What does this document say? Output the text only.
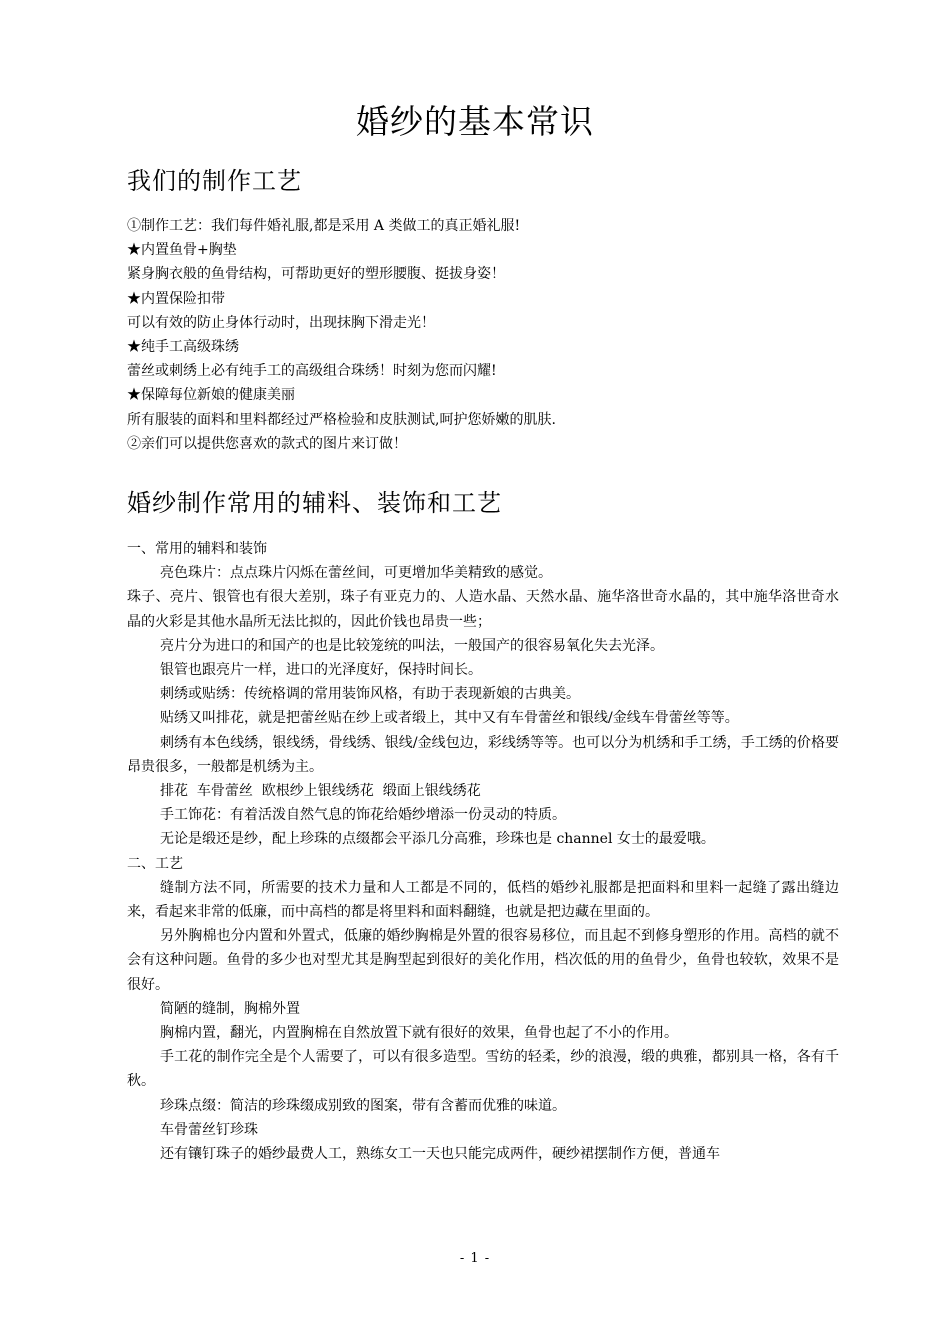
婚纱的基本常识
我们的制作工艺

①制作工艺：我们每件婚礼服,都是采用 A 类做工的真正婚礼服!

★内置鱼骨+胸垫

紧身胸衣般的鱼骨结构，可帮助更好的塑形腰腹、挺拔身姿！

★内置保险扣带

可以有效的防止身体行动时，出现抹胸下滑走光！

★纯手工高级珠绣

蕾丝或刺绣上必有纯手工的高级组合珠绣！时刻为您而闪耀!

★保障每位新娘的健康美丽

所有服装的面料和里料都经过严格检验和皮肤测试,呵护您娇嫩的肌肤.

②亲们可以提供您喜欢的款式的图片来订做！

婚纱制作常用的辅料、装饰和工艺

一、常用的辅料和装饰

亮色珠片：点点珠片闪烁在蕾丝间，可更增加华美精致的感觉。

珠子、亮片、银管也有很大差别，珠子有亚克力的、人造水晶、天然水晶、施华洛世奇水晶的，其中施华洛世奇水晶的火彩是其他水晶所无法比拟的，因此价钱也昂贵一些；

亮片分为进口的和国产的也是比较笼统的叫法，一般国产的很容易氧化失去光泽。

银管也跟亮片一样，进口的光泽度好，保持时间长。

刺绣或贴绣：传统格调的常用装饰风格，有助于表现新娘的古典美。

贴绣又叫排花，就是把蕾丝贴在纱上或者缎上，其中又有车骨蕾丝和银线/金线车骨蕾丝等等。

刺绣有本色线绣，银线绣，骨线绣、银线/金线包边，彩线绣等等。也可以分为机绣和手工绣，手工绣的价格要昂贵很多，一般都是机绣为主。

排花  车骨蕾丝  欧根纱上银线绣花  缎面上银线绣花

手工饰花：有着活泼自然气息的饰花给婚纱增添一份灵动的特质。

无论是缎还是纱，配上珍珠的点缀都会平添几分高雅，珍珠也是 channel 女士的最爱哦。

二、工艺

缝制方法不同，所需要的技术力量和人工都是不同的，低档的婚纱礼服都是把面料和里料一起缝了露出缝边来，看起来非常的低廉，而中高档的都是将里料和面料翻缝，也就是把边藏在里面的。

另外胸棉也分内置和外置式，低廉的婚纱胸棉是外置的很容易移位，而且起不到修身塑形的作用。高档的就不会有这种问题。鱼骨的多少也对型尤其是胸型起到很好的美化作用，档次低的用的鱼骨少，鱼骨也较软，效果不是很好。

简陋的缝制，胸棉外置

胸棉内置，翻光，内置胸棉在自然放置下就有很好的效果，鱼骨也起了不小的作用。

手工花的制作完全是个人需要了，可以有很多造型。雪纺的轻柔，纱的浪漫，缎的典雅，都别具一格，各有千秋。

珍珠点缀：简洁的珍珠缀成别致的图案，带有含蓄而优雅的味道。

车骨蕾丝钉珍珠

还有镶钉珠子的婚纱最费人工，熟练女工一天也只能完成两件，硬纱裙摆制作方便，普通车

- 1 -
